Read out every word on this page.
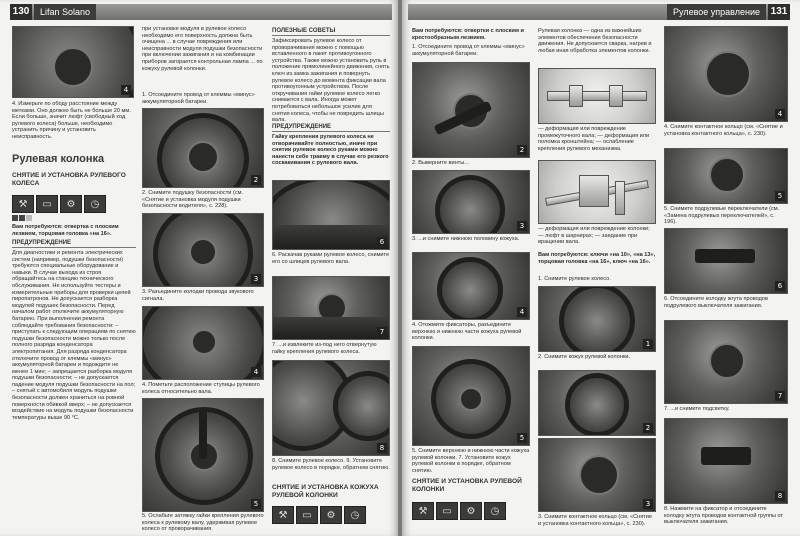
130	Lifan Solano
4
4. Измерьте по ободу расстояние между метками. Оно должно быть не больше 20 мм. Если больше, значит люфт (свободный ход рулевого колеса) больше, необходимо устранить причину и установить неисправность.
Рулевая колонка
СНЯТИЕ И УСТАНОВКА РУЛЕВОГО КОЛЕСА
⚒	▭	⚙	◷
Вам потребуются: отвертка с плоским лезвием, торцовая головка «на 16».
ПРЕДУПРЕЖДЕНИЕ
Для диагностики и ремонта электрических систем (например, подушки безопасности) требуются специальные оборудование и навыки. В случае выхода из строя обращайтесь на станцию технического обслуживания. Не используйте тестеры и измерительные приборы для проверки цепей пиропатронов. Не допускается разборка модулей подушек безопасности. Перед началом работ отключите аккумуляторную батарею. При выполнении ремонта соблюдайте требования безопасности: – приступать к следующим операциям по снятию подушки безопасности можно только после полного разряда конденсатора электропитания. Для разряда конденсатора отключите провод от клеммы «минус» аккумуляторной батареи и подождите не менее 1 мин; – запрещается разборка модуля подушки безопасности; – не допускается падение модуля подушки безопасности на пол; – снятый с автомобиля модуль подушки безопасности должен храниться на ровной поверхности обивкой вверх; – не допускается воздействие на модуль подушки безопасности температуры выше 90 °С.
при установке модуля в рулевое колесо необходимо его поверхность должна быть очищена ... в случае повреждения или неисправности модуля подушки безопасности при включении зажигания и на комбинации приборов загорается контрольная лампа ... по кожуху рулевой колонки.
1. Отсоедините провод от клеммы «минус» аккумуляторной батареи.
2
2. Снимите подушку безопасности (см. «Снятие и установка модуля подушки безопасности водителя», с. 228).
3
3. Разъедините колодки провода звукового сигнала.
4
4. Пометьте расположение ступицы рулевого колеса относительно вала.
5
5. Ослабьте затяжку гайки крепления рулевого колеса к рулевому валу, удерживая рулевое колесо от проворачивания.
ПОЛЕЗНЫЕ СОВЕТЫ
Зафиксировать рулевое колесо от проворачивания можно с помощью вставленного в пакет противоугонного устройства. Также можно установить руль в положение прямолинейного движения, снять ключ из замка зажигания и повернуть рулевое колесо до момента фиксации вала противоугонным устройством. После откручивания гайки рулевое колесо легко снимается с вала. Иногда может потребоваться небольшое усилие для снятия колеса, чтобы не повредить шлицы вала.
ПРЕДУПРЕЖДЕНИЕ
Гайку крепления рулевого колеса не отворачивайте полностью, иначе при снятии рулевое колесо руками можно нанести себе травму в случае его резкого соскакивания с рулевого вала.
6
6. Раскачав руками рулевое колесо, снимите его со шлицев рулевого вала.
7
7. ...и извлеките из-под него отвернутую гайку крепления рулевого колеса.
8
8. Снимите рулевое колесо. 9. Установите рулевое колесо в порядке, обратном снятию.
СНЯТИЕ И УСТАНОВКА КОЖУХА РУЛЕВОЙ КОЛОНКИ
⚒	▭	⚙	◷
Рулевое управление	131
Вам потребуются: отвертки с плоским и крестообразным лезвием.
1. Отсоедините провод от клеммы «минус» аккумуляторной батареи.
2
2. Выверните винты...
3
3. ...и снимите нижнюю половину кожуха.
4
4. Отожмите фиксаторы, разъедините верхнюю и нижнюю части кожуха рулевой колонки.
5
5. Снимите верхнюю и нижнюю части кожуха рулевой колонки. 7. Установите кожух рулевой колонки в порядке, обратном снятию.
СНЯТИЕ И УСТАНОВКА РУЛЕВОЙ КОЛОНКИ
⚒	▭	⚙	◷
Рулевая колонка — одна из важнейших элементов обеспечения безопасности движения. Не допускается сварка, нагрев и любая иная обработка элементов колонки.
— деформация или повреждение промежуточного вала; — деформация или поломка кронштейна; — ослабление крепления рулевого механизма.
— деформация или повреждение колонки; — люфт в шарнирах; — заедание при вращении вала.
Вам потребуются: ключи «на 10», «на 13», торцовая головка «на 16», ключ «на 16».
1. Снимите рулевое колесо.
1
2. Снимите кожух рулевой колонки.
2
3
3. Снимите контактное кольцо (см. «Снятие и установка контактного кольца», с. 230).
4
4. Снимите контактное кольцо (см. «Снятие и установка контактного кольца», с. 230).
5
5. Снимите подрулевые переключатели (см. «Замена подрулевых переключателей», с. 196).
6
6. Отсоедините колодку жгута проводов подрулевого выключателя зажигания.
7
7. ...и снимите подсветку.
8
8. Нажмите на фиксатор и отсоедините колодку жгута проводов контактной группы от выключателя зажигания.
